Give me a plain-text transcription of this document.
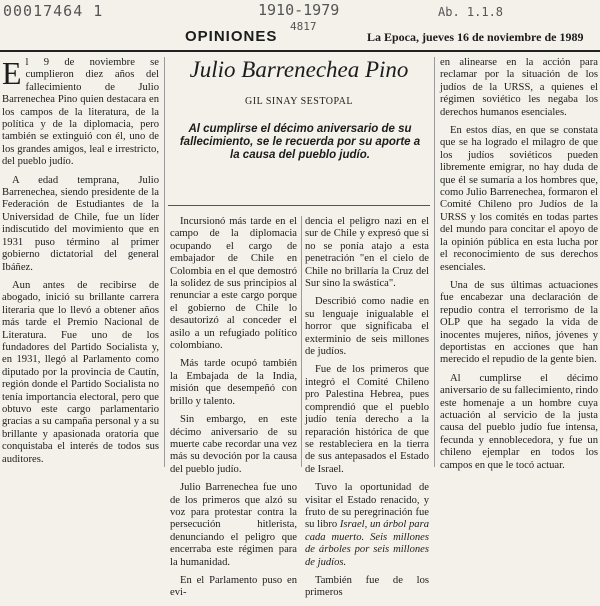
00017464 1	1910-1979
4817
Ab. 1.1.8
OPINIONES	La Epoca, jueves 16 de noviembre de 1989

El 9 de noviembre se cumplieron diez años del fallecimiento de Julio Barrenechea Pino quien destacara en los campos de la literatura, de la política y de la diplomacia, pero también se extinguió con él, uno de los grandes amigos, leal e irrestricto, del pueblo judío.

A edad temprana, Julio Barrenechea, siendo presidente de la Federación de Estudiantes de la Universidad de Chile, fue un líder indiscutido del movimiento que en 1931 puso término al primer gobierno dictatorial del general Ibáñez.

Aun antes de recibirse de abogado, inició su brillante carrera literaria que lo llevó a obtener años más tarde el Premio Nacional de Literatura. Fue uno de los fundadores del Partido Socialista y, en 1931, llegó al Parlamento como diputado por la provincia de Cautín, región donde el Partido Socialista no tenía importancia electoral, pero que obtuvo este cargo parlamentario gracias a su campaña personal y a su brillante y apasionada oratoria que conquistaba el interés de todos sus auditores.

Julio Barrenechea Pino
GIL SINAY SESTOPAL
Al cumplirse el décimo aniversario de su fallecimiento, se le recuerda por su aporte a la causa del pueblo judío.

Incursionó más tarde en el campo de la diplomacia ocupando el cargo de embajador de Chile en Colombia en el que demostró la solidez de sus principios al renunciar a este cargo porque el gobierno de Chile lo desautorizó al conceder el asilo a un refugiado político colombiano.

Más tarde ocupó también la Embajada de la India, misión que desempeñó con brillo y talento.

Sin embargo, en este décimo aniversario de su muerte cabe recordar una vez más su devoción por la causa del pueblo judío.

Julio Barrenechea fue uno de los primeros que alzó su voz para protestar contra la persecución hitlerista, denunciando el peligro que encerraba este régimen para la humanidad.

En el Parlamento puso en evi-

dencia el peligro nazi en el sur de Chile y expresó que si no se ponía atajo a esta penetración "en el cielo de Chile no brillaría la Cruz del Sur sino la swástica".

Describió como nadie en su lenguaje inigualable el horror que significaba el exterminio de seis millones de judíos.

Fue de los primeros que integró el Comité Chileno pro Palestina Hebrea, pues comprendió que el pueblo judío tenía derecho a la reparación histórica de que se restableciera en la tierra de sus antepasados el Estado de Israel.

Tuvo la oportunidad de visitar el Estado renacido, y fruto de su peregrinación fue su libro Israel, un árbol para cada muerto. Seis millones de árboles por seis millones de judíos.

También fue de los primeros

en alinearse en la acción para reclamar por la situación de los judíos de la URSS, a quienes el régimen soviético les negaba los derechos humanos esenciales.

En estos días, en que se constata que se ha logrado el milagro de que los judíos soviéticos pueden libremente emigrar, no hay duda de que él se sumaría a los hombres que, como Julio Barrenechea, formaron el Comité Chileno pro Judíos de la URSS y los comités en todas partes del mundo para concitar el apoyo de la opinión pública en esta lucha por el reconocimiento de sus derechos esenciales.

Una de sus últimas actuaciones fue encabezar una declaración de repudio contra el terrorismo de la OLP que ha segado la vida de inocentes mujeres, niños, jóvenes y deportistas en acciones que han merecido el repudio de la gente bien.

Al cumplirse el décimo aniversario de su fallecimiento, rindo este homenaje a un hombre cuya actuación al servicio de la justa causa del pueblo judío fue intensa, fecunda y ennoblecedora, y fue un chileno ejemplar en todos los campos en que le tocó actuar.
